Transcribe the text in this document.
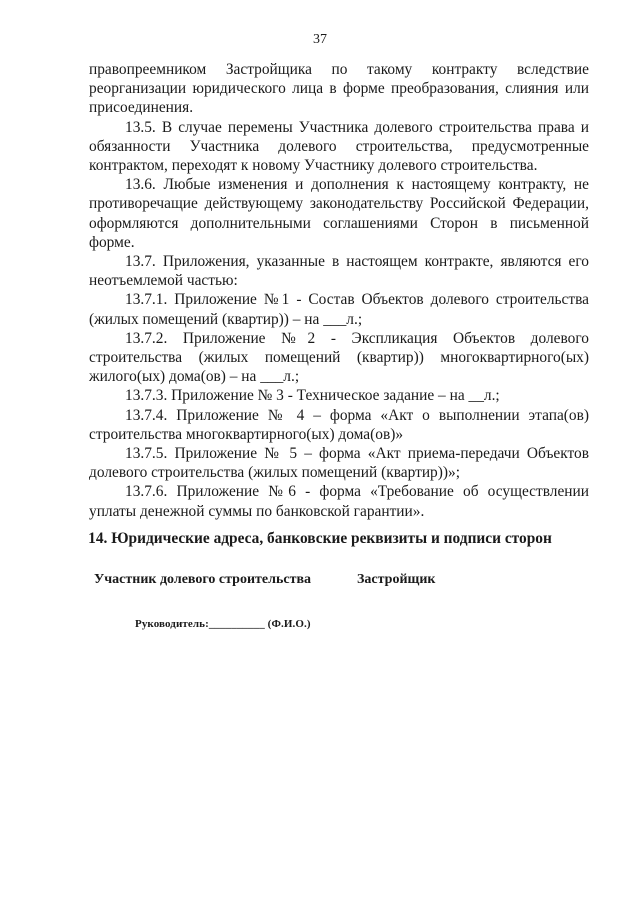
37

правопреемником Застройщика по такому контракту вследствие реорганизации юридического лица в форме преобразования, слияния или присоединения.

13.5. В случае перемены Участника долевого строительства права и обязанности Участника долевого строительства, предусмотренные контрактом, переходят к новому Участнику долевого строительства.

13.6. Любые изменения и дополнения к настоящему контракту, не противоречащие действующему законодательству Российской Федерации, оформляются дополнительными соглашениями Сторон в письменной форме.

13.7. Приложения, указанные в настоящем контракте, являются его неотъемлемой частью:

13.7.1. Приложение №1 - Состав Объектов долевого строительства (жилых помещений (квартир)) – на ___л.;

13.7.2. Приложение №2 - Экспликация Объектов долевого строительства (жилых помещений (квартир)) многоквартирного(ых) жилого(ых) дома(ов) – на ___л.;

13.7.3. Приложение № 3 - Техническое задание – на __л.;

13.7.4. Приложение № 4 – форма «Акт о выполнении этапа(ов) строительства многоквартирного(ых) дома(ов)»

13.7.5. Приложение № 5 – форма «Акт приема-передачи Объектов долевого строительства (жилых помещений (квартир))»;

13.7.6. Приложение №6 - форма «Требование об осуществлении уплаты денежной суммы по банковской гарантии».

14. Юридические адреса, банковские реквизиты и подписи сторон
Участник долевого строительства	Застройщик
Руководитель:__________ (Ф.И.О.)
